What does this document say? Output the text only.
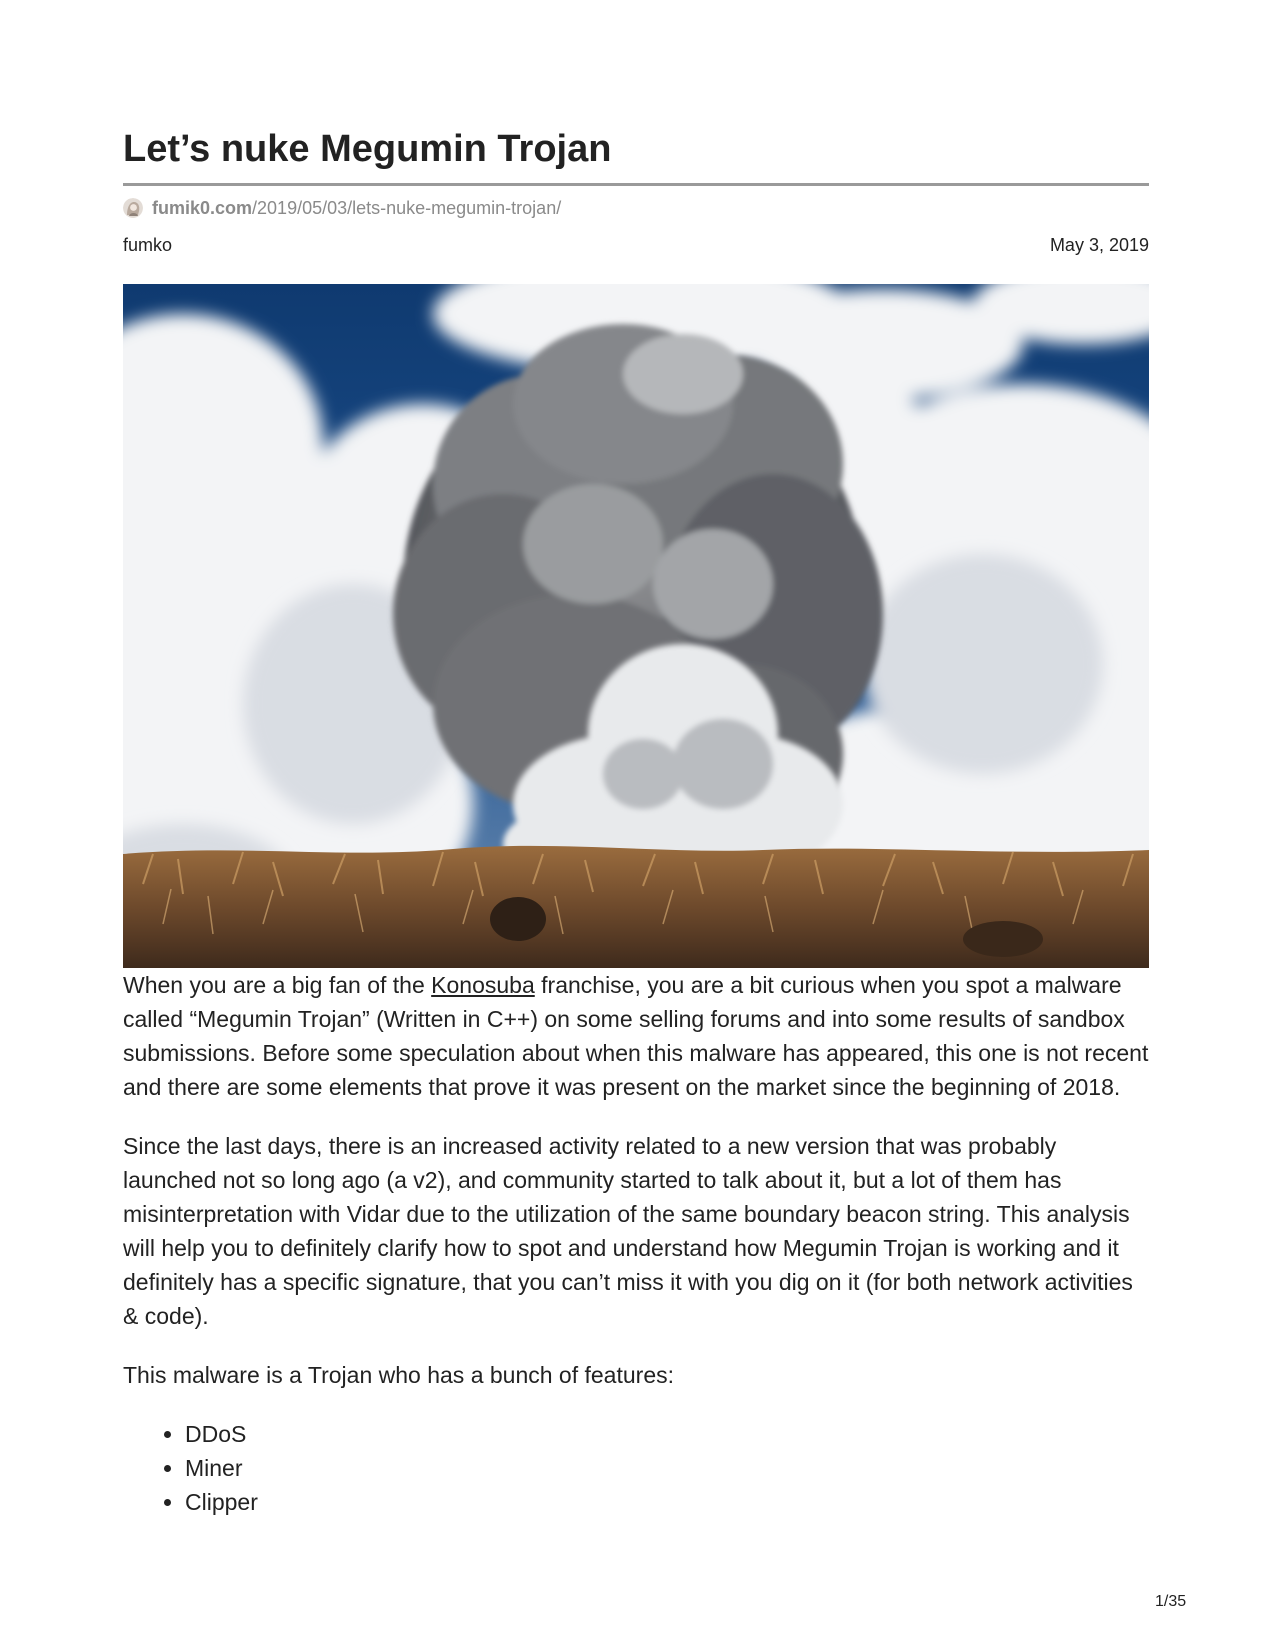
Let’s nuke Megumin Trojan
fumik0.com /2019/05/03/lets-nuke-megumin-trojan/
fumko	May 3, 2019

When you are a big fan of the Konosuba franchise, you are a bit curious when you spot a malware called “Megumin Trojan” (Written in C++) on some selling forums and into some results of sandbox submissions. Before some speculation about when this malware has appeared, this one is not recent and there are some elements that prove it was present on the market since the beginning of 2018.

Since the last days, there is an increased activity related to a new version that was probably launched not so long ago (a v2), and community started to talk about it, but a lot of them has misinterpretation with Vidar due to the utilization of the same boundary beacon string. This analysis will help you to definitely clarify how to spot and understand how Megumin Trojan is working and it definitely has a specific signature, that you can’t miss it with you dig on it (for both network activities & code).

This malware is a Trojan who has a bunch of features:

• DDoS
• Miner
• Clipper
1/35
